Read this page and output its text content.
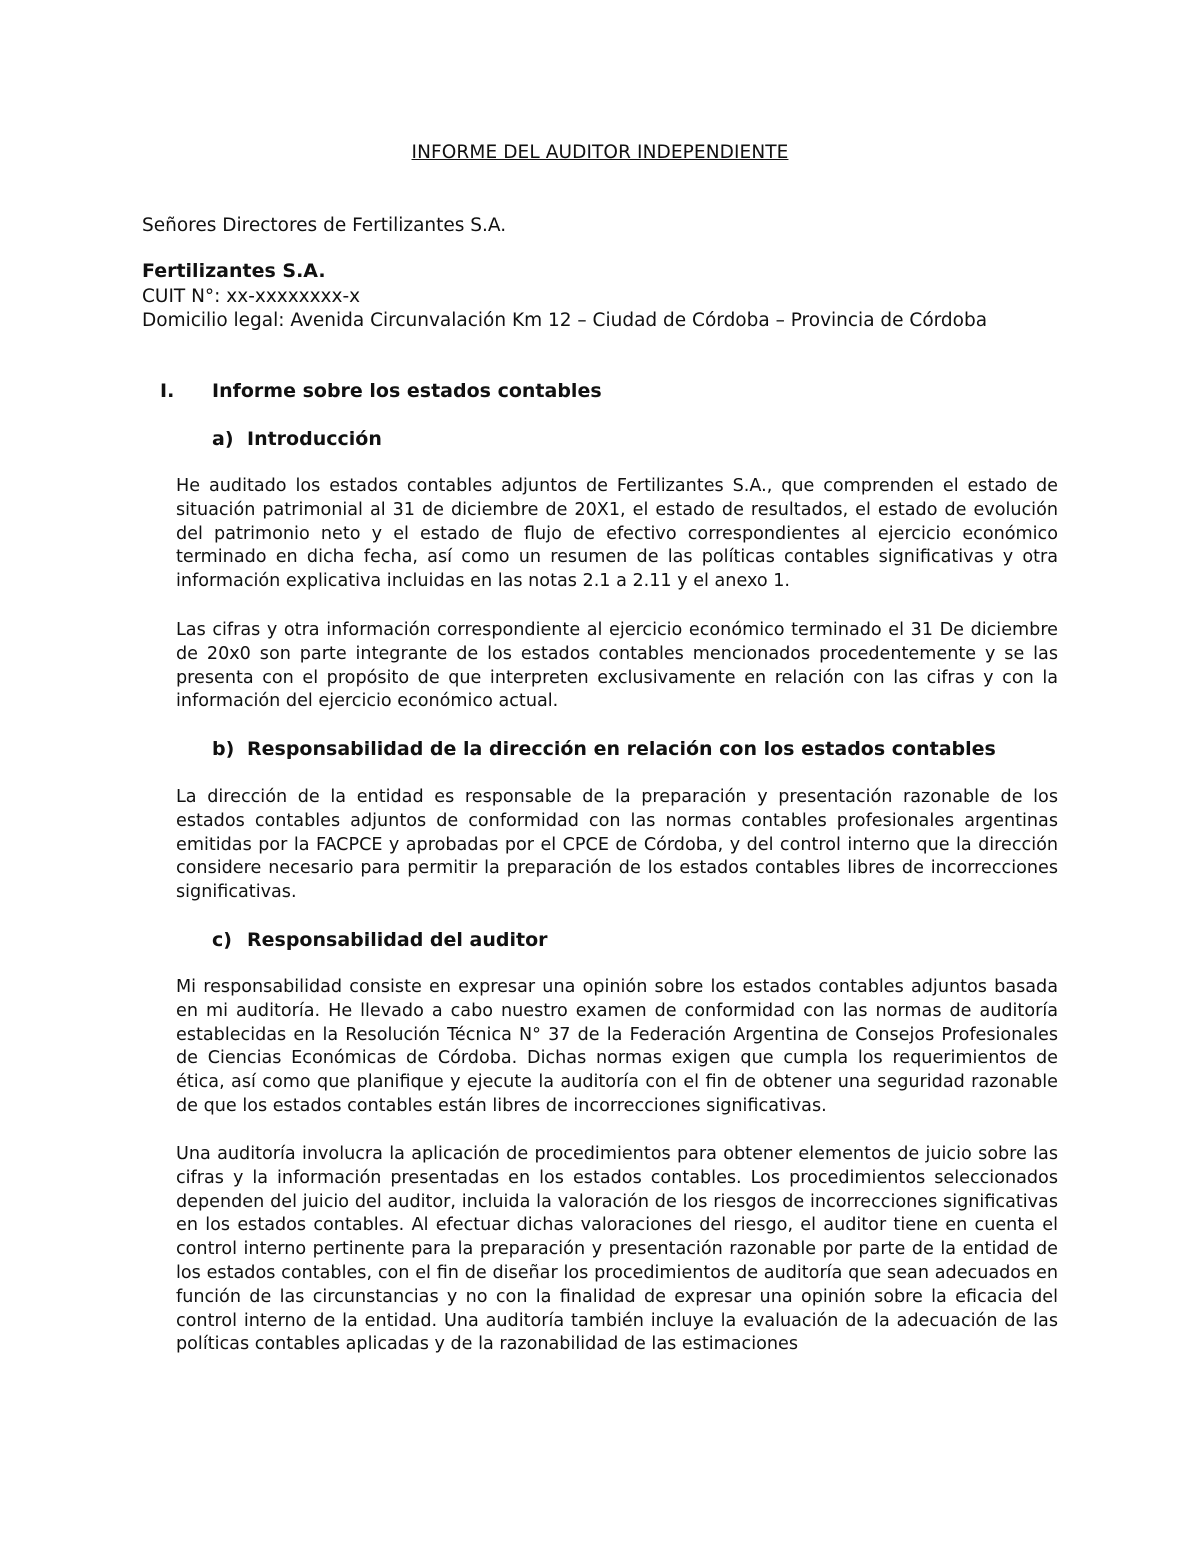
INFORME DEL AUDITOR INDEPENDIENTE
Señores Directores de Fertilizantes S.A.
Fertilizantes S.A.
CUIT N°: xx-xxxxxxxx-x
Domicilio legal: Avenida Circunvalación Km 12 – Ciudad de Córdoba – Provincia de Córdoba
I. Informe sobre los estados contables
a) Introducción

He auditado los estados contables adjuntos de Fertilizantes S.A., que comprenden el estado de situación patrimonial al 31 de diciembre de 20X1, el estado de resultados, el estado de evolución del patrimonio neto y el estado de flujo de efectivo correspondientes al ejercicio económico terminado en dicha fecha, así como un resumen de las políticas contables significativas y otra información explicativa incluidas en las notas 2.1 a 2.11 y el anexo 1.

Las cifras y otra información correspondiente al ejercicio económico terminado el 31 De diciembre de 20x0 son parte integrante de los estados contables mencionados procedentemente y se las presenta con el propósito de que interpreten exclusivamente en relación con las cifras y con la información del ejercicio económico actual.

b) Responsabilidad de la dirección en relación con los estados contables

La dirección de la entidad es responsable de la preparación y presentación razonable de los estados contables adjuntos de conformidad con las normas contables profesionales argentinas emitidas por la FACPCE y aprobadas por el CPCE de Córdoba, y del control interno que la dirección considere necesario para permitir la preparación de los estados contables libres de incorrecciones significativas.

c) Responsabilidad del auditor

Mi responsabilidad consiste en expresar una opinión sobre los estados contables adjuntos basada en mi auditoría. He llevado a cabo nuestro examen de conformidad con las normas de auditoría establecidas en la Resolución Técnica N° 37 de la Federación Argentina de Consejos Profesionales de Ciencias Económicas de Córdoba. Dichas normas exigen que cumpla los requerimientos de ética, así como que planifique y ejecute la auditoría con el fin de obtener una seguridad razonable de que los estados contables están libres de incorrecciones significativas.

Una auditoría involucra la aplicación de procedimientos para obtener elementos de juicio sobre las cifras y la información presentadas en los estados contables. Los procedimientos seleccionados dependen del juicio del auditor, incluida la valoración de los riesgos de incorrecciones significativas en los estados contables. Al efectuar dichas valoraciones del riesgo, el auditor tiene en cuenta el control interno pertinente para la preparación y presentación razonable por parte de la entidad de los estados contables, con el fin de diseñar los procedimientos de auditoría que sean adecuados en función de las circunstancias y no con la finalidad de expresar una opinión sobre la eficacia del control interno de la entidad. Una auditoría también incluye la evaluación de la adecuación de las políticas contables aplicadas y de la razonabilidad de las estimaciones
